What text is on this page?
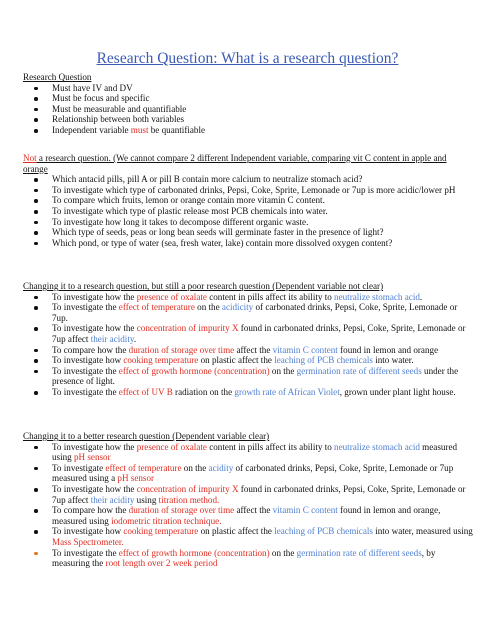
Research Question: What is a research question?
Research Question
Must have IV and DV
Must be focus and specific
Must be measurable and quantifiable
Relationship between both variables
Independent variable must be quantifiable
Not a research question. (We cannot compare 2 different Independent variable, comparing vit C content in apple and orange
Which antacid pills, pill A or pill B contain more calcium to neutralize stomach acid?
To investigate which type of carbonated drinks, Pepsi, Coke, Sprite, Lemonade or 7up is more acidic/lower pH
To compare which fruits, lemon or orange contain more vitamin C content.
To investigate which type of plastic release most PCB chemicals into water.
To investigate how long it takes to decompose different organic waste.
Which type of seeds, peas or long bean seeds will germinate faster in the presence of light?
Which pond, or type of water (sea, fresh water, lake) contain more dissolved oxygen content?
Changing it to a research question, but still a poor research question (Dependent variable not clear)
To investigate how the presence of oxalate content in pills affect its ability to neutralize stomach acid.
To investigate the effect of temperature on the acidicity of carbonated drinks, Pepsi, Coke, Sprite, Lemonade or 7up.
To investigate how the concentration of impurity X found in carbonated drinks, Pepsi, Coke, Sprite, Lemonade or 7up affect their acidity.
To compare how the duration of storage over time affect the vitamin C content found in lemon and orange
To investigate how cooking temperature on plastic affect the leaching of PCB chemicals into water.
To investigate the effect of growth hormone (concentration) on the germination rate of different seeds under the presence of light.
To investigate the effect of UV B radiation on the growth rate of African Violet, grown under plant light house.
Changing it to a better research question (Dependent variable clear)
To investigate how the presence of oxalate content in pills affect its ability to neutralize stomach acid measured using pH sensor
To investigate effect of temperature on the acidity of carbonated drinks, Pepsi, Coke, Sprite, Lemonade or 7up measured using a pH sensor
To investigate how the concentration of impurity X found in carbonated drinks, Pepsi, Coke, Sprite, Lemonade or 7up affect their acidity using titration method.
To compare how the duration of storage over time affect the vitamin C content found in lemon and orange, measured using iodometric titration technique.
To investigate how cooking temperature on plastic affect the leaching of PCB chemicals into water, measured using Mass Spectrometer.
To investigate the effect of growth hormone (concentration) on the germination rate of different seeds, by measuring the root length over 2 week period
